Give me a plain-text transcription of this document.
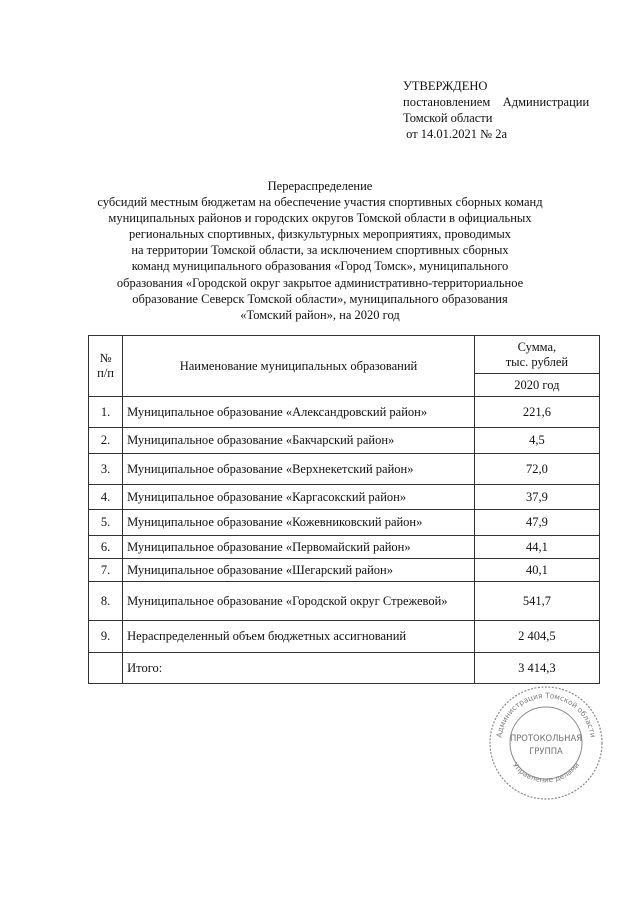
УТВЕРЖДЕНО
постановлением    Администрации
Томской области
от 14.01.2021 № 2а
Перераспределение
субсидий местным бюджетам на обеспечение участия спортивных сборных команд
муниципальных районов и городских округов Томской области в официальных
региональных спортивных, физкультурных мероприятиях, проводимых
на территории Томской области, за исключением спортивных сборных
команд муниципального образования «Город Томск», муниципального
образования «Городской округ закрытое административно-территориальное
образование Северск Томской области», муниципального образования
«Томский район», на 2020 год
№ п/п	Наименование муниципальных образований	Сумма,
тыс. рублей

		2020 год
1.	Муниципальное образование «Александровский район»	221,6
2.	Муниципальное образование «Бакчарский район»	4,5
3.	Муниципальное образование «Верхнекетский район»	72,0
4.	Муниципальное образование «Каргасокский район»	37,9
5.	Муниципальное образование «Кожевниковский район»	47,9
6.	Муниципальное образование «Первомайский район»	44,1
7.	Муниципальное образование «Шегарский район»	40,1
8.	Муниципальное образование «Городской округ Стрежевой»	541,7
9.	Нераспределенный объем бюджетных ассигнований	2 404,5
	Итого:	3 414,3
Администрация Томской области
Управление делами
ПРОТОКОЛЬНАЯ
ГРУППА
